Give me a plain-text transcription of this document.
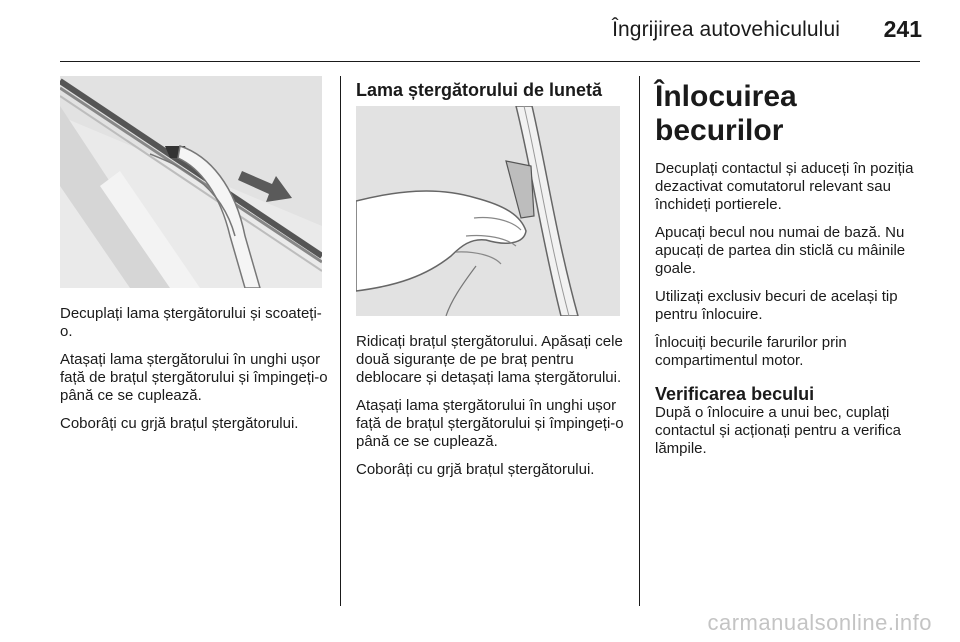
Îngrijirea autovehiculului 241

Decuplați lama ștergătorului și scoateți-o.

Atașați lama ștergătorului în unghi ușor față de brațul ștergătorului și împingeți-o până ce se cuplează.

Coborâți cu grjă brațul ștergătorului.

Lama ștergătorului de lunetă

Ridicați brațul ștergătorului. Apăsați cele două siguranțe de pe braț pentru deblocare și detașați lama ștergătorului.

Atașați lama ștergătorului în unghi ușor față de brațul ștergătorului și împingeți-o până ce se cuplează.

Coborâți cu grjă brațul ștergătorului.

Înlocuirea becurilor

Decuplați contactul și aduceți în poziția dezactivat comutatorul relevant sau închideți portierele.

Apucați becul nou numai de bază. Nu apucați de partea din sticlă cu mâinile goale.

Utilizați exclusiv becuri de același tip pentru înlocuire.

Înlocuiți becurile farurilor prin compartimentul motor.

Verificarea becului

După o înlocuire a unui bec, cuplați contactul și acționați pentru a verifica lămpile.

carmanualsonline.info
